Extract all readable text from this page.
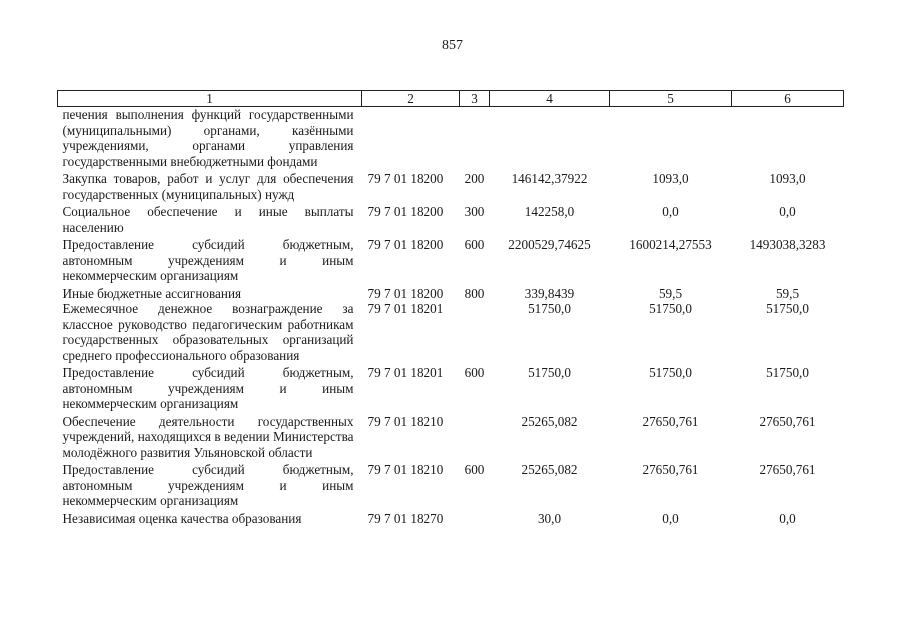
857
1	2	3	4	5	6
печения выполнения функций государственными (муниципальными) органами, казёнными учреждениями, органами управления государственными внебюджетными фондами					
Закупка товаров, работ и услуг для обеспечения государственных (муниципальных) нужд	79 7 01 18200	200	146142,37922	1093,0	1093,0
Социальное обеспечение и иные выплаты населению	79 7 01 18200	300	142258,0	0,0	0,0
Предоставление субсидий бюджетным, автономным учреждениям и иным некоммерческим организациям	79 7 01 18200	600	2200529,74625	1600214,27553	1493038,3283
Иные бюджетные ассигнования	79 7 01 18200	800	339,8439	59,5	59,5
Ежемесячное денежное вознаграждение за классное руководство педагогическим работникам государственных образовательных организаций среднего профессионального образования	79 7 01 18201		51750,0	51750,0	51750,0
Предоставление субсидий бюджетным, автономным учреждениям и иным некоммерческим организациям	79 7 01 18201	600	51750,0	51750,0	51750,0
Обеспечение деятельности государственных учреждений, находящихся в ведении Министерства молодёжного развития Ульяновской области	79 7 01 18210		25265,082	27650,761	27650,761
Предоставление субсидий бюджетным, автономным учреждениям и иным некоммерческим организациям	79 7 01 18210	600	25265,082	27650,761	27650,761
Независимая оценка качества образования	79 7 01 18270		30,0	0,0	0,0
